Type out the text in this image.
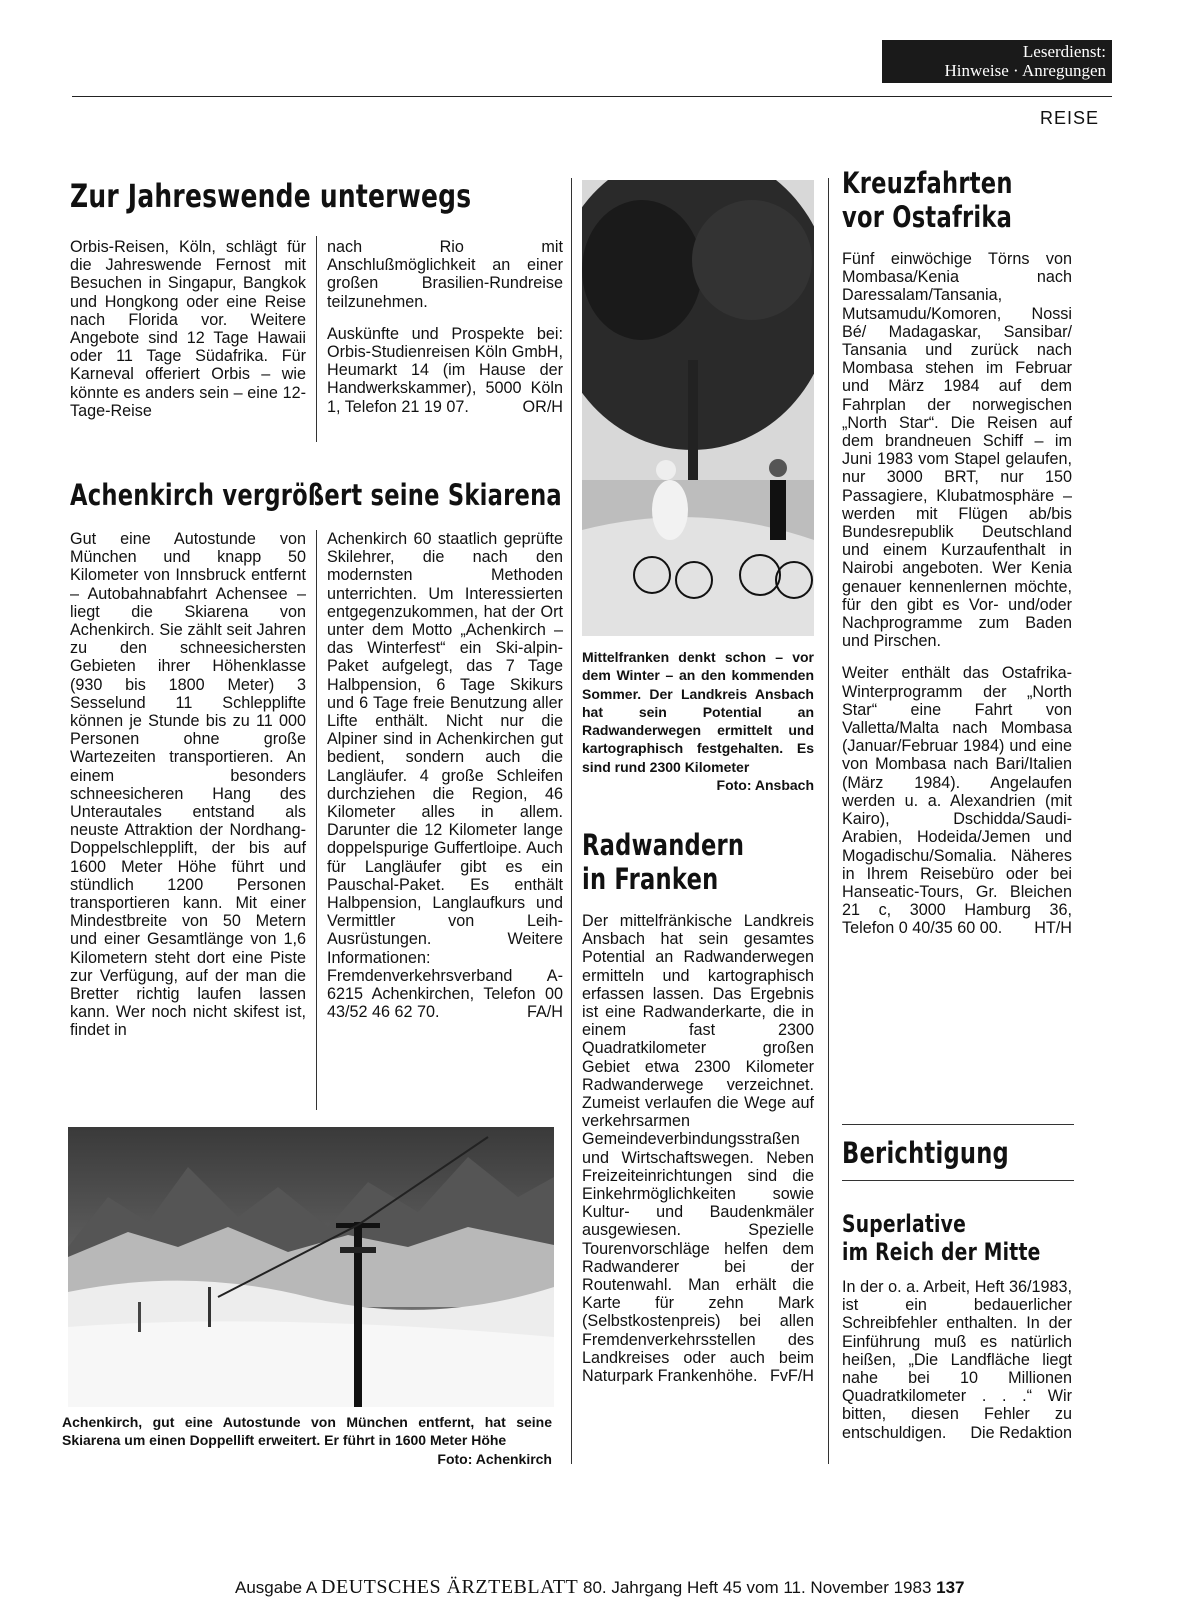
Leserdienst:
Hinweise · Anregungen
REISE
Zur Jahreswende unterwegs

Orbis-Reisen, Köln, schlägt für die Jahreswende Fernost mit Besuchen in Singapur, Bangkok und Hongkong oder eine Reise nach Florida vor. Weitere Angebote sind 12 Tage Hawaii oder 11 Tage Südafrika. Für Karneval offeriert Orbis – wie könnte es anders sein – eine 12-Tage-Reise

nach Rio mit Anschlußmöglichkeit an einer großen Brasilien-Rundreise teilzunehmen.

Auskünfte und Prospekte bei: Orbis-Studienreisen Köln GmbH, Heumarkt 14 (im Hause der Handwerkskammer), 5000 Köln 1, Telefon 21 19 07.	OR/H

Achenkirch vergrößert seine Skiarena

Gut eine Autostunde von München und knapp 50 Kilometer von Innsbruck entfernt – Autobahnabfahrt Achensee – liegt die Skiarena von Achenkirch. Sie zählt seit Jahren zu den schneesichersten Gebieten ihrer Höhenklasse (930 bis 1800 Meter) 3 Sesselund 11 Schlepplifte können je Stunde bis zu 11 000 Personen ohne große Wartezeiten transportieren. An einem besonders schneesicheren Hang des Unterautales entstand als neuste Attraktion der Nordhang-Doppelschlepplift, der bis auf 1600 Meter Höhe führt und stündlich 1200 Personen transportieren kann. Mit einer Mindestbreite von 50 Metern und einer Gesamtlänge von 1,6 Kilometern steht dort eine Piste zur Verfügung, auf der man die Bretter richtig laufen lassen kann. Wer noch nicht skifest ist, findet in

Achenkirch 60 staatlich geprüfte Skilehrer, die nach den modernsten Methoden unterrichten. Um Interessierten entgegenzukommen, hat der Ort unter dem Motto „Achenkirch – das Winterfest“ ein Ski-alpin-Paket aufgelegt, das 7 Tage Halbpension, 6 Tage Skikurs und 6 Tage freie Benutzung aller Lifte enthält. Nicht nur die Alpiner sind in Achenkirchen gut bedient, sondern auch die Langläufer. 4 große Schleifen durchziehen die Region, 46 Kilometer alles in allem. Darunter die 12 Kilometer lange doppelspurige Guffertloipe. Auch für Langläufer gibt es ein Pauschal-Paket. Es enthält Halbpension, Langlaufkurs und Vermittler von Leih-Ausrüstungen. Weitere Informationen: Fremdenverkehrsverband A-6215 Achenkirchen, Telefon 00 43/52 46 62 70.	FA/H

Achenkirch, gut eine Autostunde von München entfernt, hat seine Skiarena um einen Doppellift erweitert. Er führt in 1600 Meter Höhe
Foto: Achenkirch
Mittelfranken denkt schon – vor dem Winter – an den kommenden Sommer. Der Landkreis Ansbach hat sein Potential an Radwanderwegen ermittelt und kartographisch festgehalten. Es sind rund 2300 Kilometer
Foto: Ansbach
Radwandern
in Franken

Der mittelfränkische Landkreis Ansbach hat sein gesamtes Potential an Radwanderwegen ermitteln und kartographisch erfassen lassen. Das Ergebnis ist eine Radwanderkarte, die in einem fast 2300 Quadratkilometer großen Gebiet etwa 2300 Kilometer Radwanderwege verzeichnet. Zumeist verlaufen die Wege auf verkehrsarmen Gemeindeverbindungsstraßen und Wirtschaftswegen. Neben Freizeiteinrichtungen sind die Einkehrmöglichkeiten sowie Kultur- und Baudenkmäler ausgewiesen. Spezielle Tourenvorschläge helfen dem Radwanderer bei der Routenwahl. Man erhält die Karte für zehn Mark (Selbstkostenpreis) bei allen Fremdenverkehrsstellen des Landkreises oder auch beim Naturpark Frankenhöhe. FvF/H

Kreuzfahrten
vor Ostafrika

Fünf einwöchige Törns von Mombasa/Kenia nach Daressalam/Tansania, Mutsamudu/Komoren, Nossi Bé/ Madagaskar, Sansibar/ Tansania und zurück nach Mombasa stehen im Februar und März 1984 auf dem Fahrplan der norwegischen „North Star“. Die Reisen auf dem brandneuen Schiff – im Juni 1983 vom Stapel gelaufen, nur 3000 BRT, nur 150 Passagiere, Klubatmosphäre – werden mit Flügen ab/bis Bundesrepublik Deutschland und einem Kurzaufenthalt in Nairobi angeboten. Wer Kenia genauer kennenlernen möchte, für den gibt es Vor- und/oder Nachprogramme zum Baden und Pirschen.

Weiter enthält das Ostafrika-Winterprogramm der „North Star“ eine Fahrt von Valletta/Malta nach Mombasa (Januar/Februar 1984) und eine von Mombasa nach Bari/Italien (März 1984). Angelaufen werden u. a. Alexandrien (mit Kairo), Dschidda/Saudi-Arabien, Hodeida/Jemen und Mogadischu/Somalia. Näheres in Ihrem Reisebüro oder bei Hanseatic-Tours, Gr. Bleichen 21 c, 3000 Hamburg 36, Telefon 0 40/35 60 00. HT/H

Berichtigung
Superlative
im Reich der Mitte

In der o. a. Arbeit, Heft 36/1983, ist ein bedauerlicher Schreibfehler enthalten. In der Einführung muß es natürlich heißen, „Die Landfläche liegt nahe bei 10 Millionen Quadratkilometer . . .“ Wir bitten, diesen Fehler zu entschuldigen. Die Redaktion

Ausgabe A DEUTSCHES ÄRZTEBLATT 80. Jahrgang Heft 45 vom 11. November 1983 137
